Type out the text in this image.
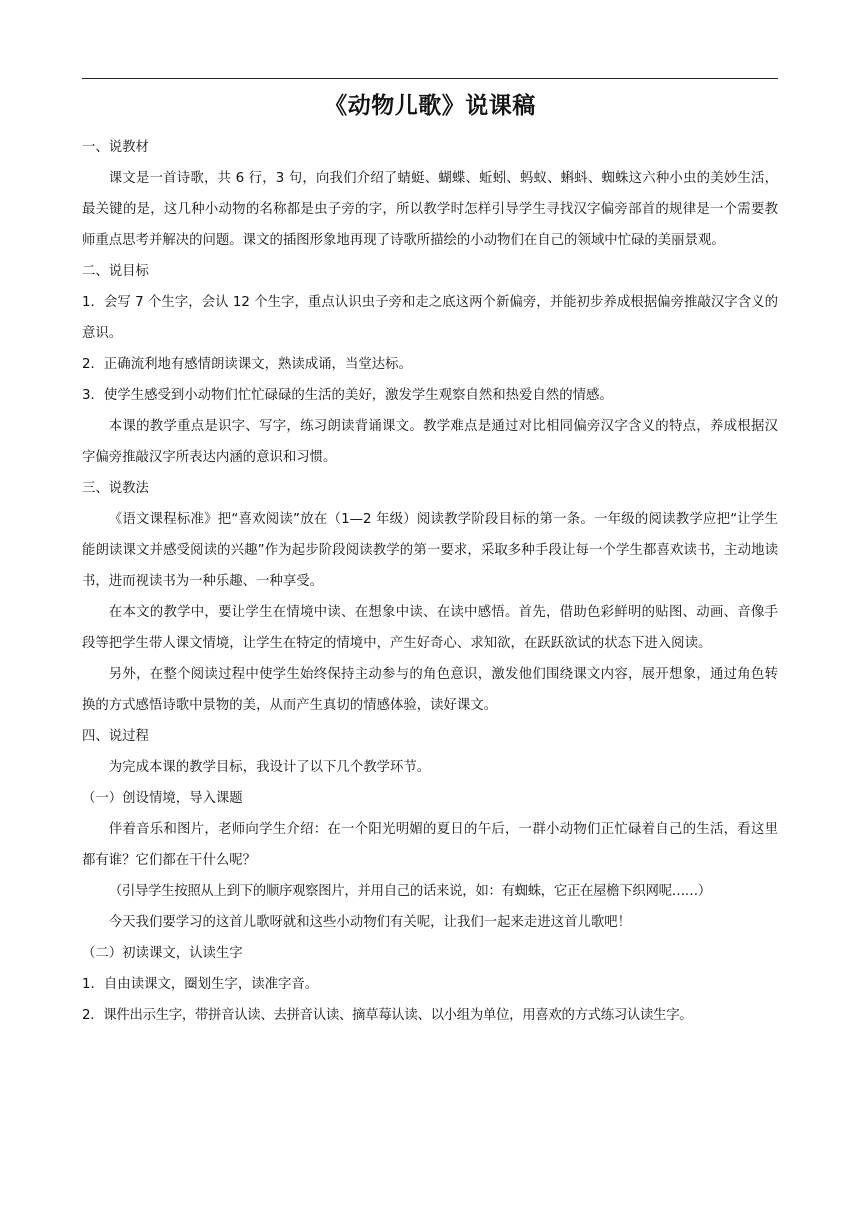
《动物儿歌》说课稿

一、说教材

课文是一首诗歌，共 6 行，3 句，向我们介绍了蜻蜓、蝴蝶、蚯蚓、蚂蚁、蝌蚪、蜘蛛这六种小虫的美妙生活，最关键的是，这几种小动物的名称都是虫子旁的字，所以教学时怎样引导学生寻找汉字偏旁部首的规律是一个需要教师重点思考并解决的问题。课文的插图形象地再现了诗歌所描绘的小动物们在自己的领域中忙碌的美丽景观。

二、说目标

1．会写 7 个生字，会认 12 个生字，重点认识虫子旁和走之底这两个新偏旁，并能初步养成根据偏旁推敲汉字含义的意识。

2．正确流利地有感情朗读课文，熟读成诵，当堂达标。

3．使学生感受到小动物们忙忙碌碌的生活的美好，激发学生观察自然和热爱自然的情感。

本课的教学重点是识字、写字，练习朗读背诵课文。教学难点是通过对比相同偏旁汉字含义的特点，养成根据汉字偏旁推敲汉字所表达内涵的意识和习惯。

三、说教法

《语文课程标准》把“喜欢阅读”放在（1—2 年级）阅读教学阶段目标的第一条。一年级的阅读教学应把“让学生能朗读课文并感受阅读的兴趣”作为起步阶段阅读教学的第一要求，采取多种手段让每一个学生都喜欢读书，主动地读书，进而视读书为一种乐趣、一种享受。

在本文的教学中，要让学生在情境中读、在想象中读、在读中感悟。首先，借助色彩鲜明的贴图、动画、音像手段等把学生带人课文情境，让学生在特定的情境中，产生好奇心、求知欲，在跃跃欲试的状态下进入阅读。

另外，在整个阅读过程中使学生始终保持主动参与的角色意识，激发他们围绕课文内容，展开想象，通过角色转换的方式感悟诗歌中景物的美，从而产生真切的情感体验，读好课文。

四、说过程

为完成本课的教学目标，我设计了以下几个教学环节。

（一）创设情境，导入课题

伴着音乐和图片，老师向学生介绍：在一个阳光明媚的夏日的午后，一群小动物们正忙碌着自己的生活，看这里都有谁？它们都在干什么呢？

（引导学生按照从上到下的顺序观察图片，并用自己的话来说，如：有蜘蛛，它正在屋檐下织网呢……）

今天我们要学习的这首儿歌呀就和这些小动物们有关呢，让我们一起来走进这首儿歌吧！

（二）初读课文，认读生字

1．自由读课文，圈划生字，读准字音。

2．课件出示生字，带拼音认读、去拼音认读、摘草莓认读、以小组为单位，用喜欢的方式练习认读生字。
